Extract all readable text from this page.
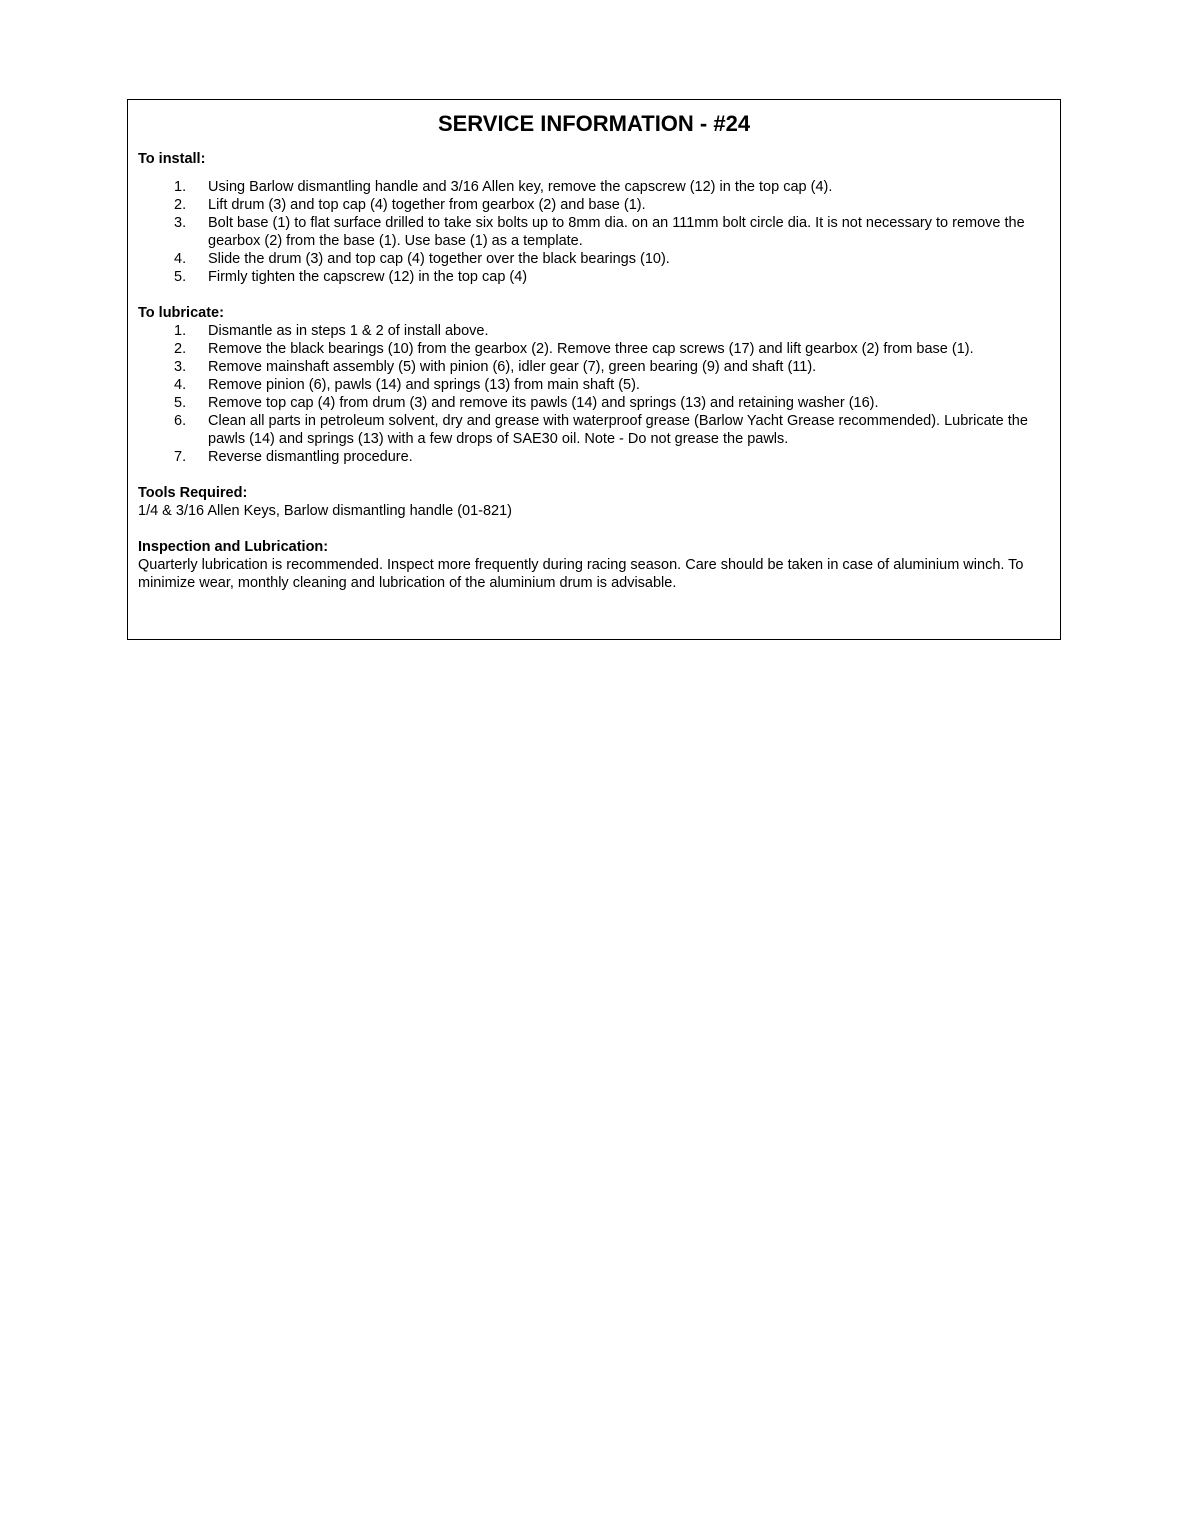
SERVICE INFORMATION - #24
To install:
1.	Using Barlow dismantling handle and 3/16 Allen key, remove the capscrew (12) in the top cap (4).
2.	Lift drum (3) and top cap (4) together from gearbox (2) and base (1).
3.	Bolt base (1) to flat surface drilled to take six bolts up to 8mm dia. on an 111mm bolt circle dia. It is not necessary to remove the gearbox (2) from the base (1). Use base (1) as a template.
4.	Slide the drum (3) and top cap (4) together over the black bearings (10).
5.	Firmly tighten the capscrew (12) in the top cap (4)
To lubricate:
1.	Dismantle as in steps 1 & 2 of install above.
2.	Remove the black bearings (10) from the gearbox (2). Remove three cap screws (17) and lift gearbox (2) from base (1).
3.	Remove mainshaft assembly (5) with pinion (6), idler gear (7), green bearing (9) and shaft (11).
4.	Remove pinion (6), pawls (14) and springs (13) from main shaft (5).
5.	Remove top cap (4) from drum (3) and remove its pawls (14) and springs (13) and retaining washer (16).
6.	Clean all parts in petroleum solvent, dry and grease with waterproof grease (Barlow Yacht Grease recommended). Lubricate the pawls (14) and springs (13) with a few drops of SAE30 oil. Note - Do not grease the pawls.
7.	Reverse dismantling procedure.
Tools Required:

1/4 & 3/16 Allen Keys, Barlow dismantling handle (01-821)

Inspection and Lubrication:

Quarterly lubrication is recommended. Inspect more frequently during racing season. Care should be taken in case of aluminium winch. To minimize wear, monthly cleaning and lubrication of the aluminium drum is advisable.
